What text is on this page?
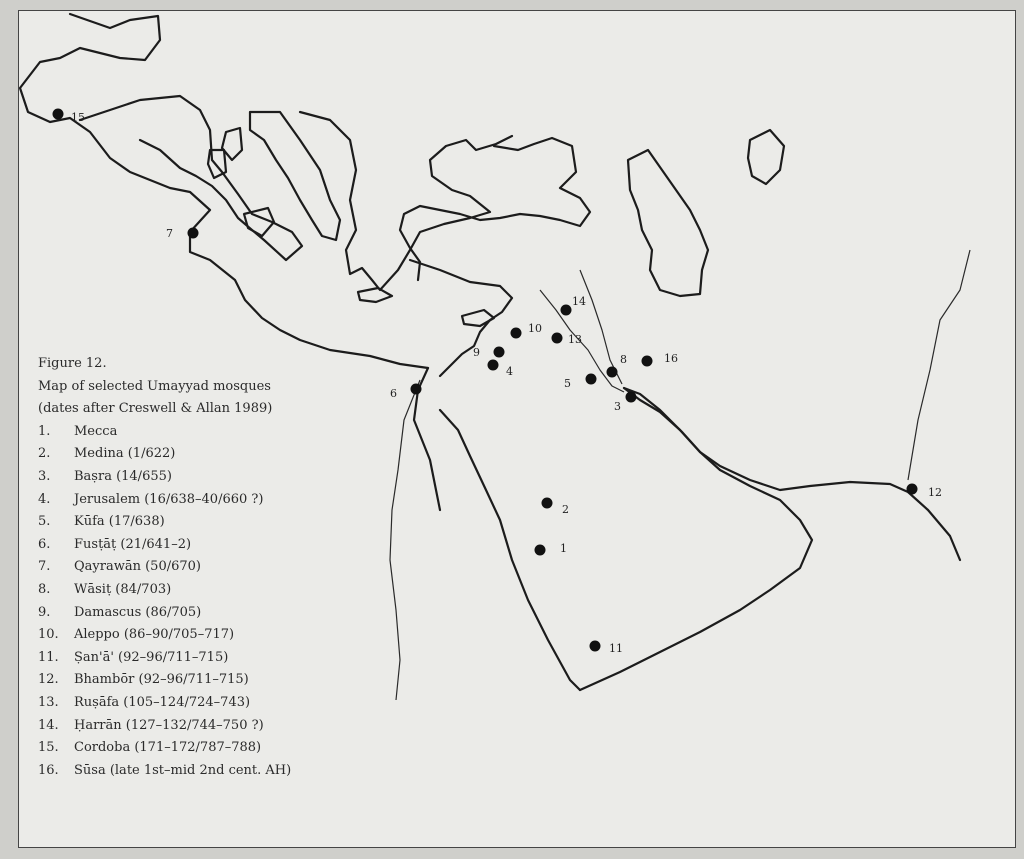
1
2
3
4
5
6
7
8
9
10
11
12
13
14
15
16
Figure 12.
Map of selected Umayyad mosques
(dates after Creswell & Allan 1989)
1.	Mecca
2.	Medina (1/622)
3.	Baṣra (14/655)
4.	Jerusalem (16/638–40/660 ?)
5.	Kūfa (17/638)
6.	Fusṭāṭ (21/641–2)
7.	Qayrawān (50/670)
8.	Wāsiṭ (84/703)
9.	Damascus (86/705)
10.	Aleppo (86–90/705–717)
11.	Ṣan'ā' (92–96/711–715)
12.	Bhambōr (92–96/711–715)
13.	Ruṣāfa (105–124/724–743)
14.	Ḥarrān (127–132/744–750 ?)
15.	Cordoba (171–172/787–788)
16.	Sūsa (late 1st–mid 2nd cent. AH)
